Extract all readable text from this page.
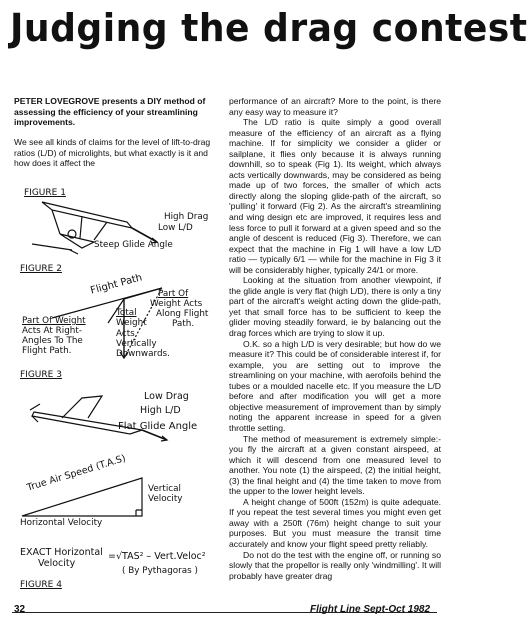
Judging the drag contest
PETER LOVEGROVE presents a DIY method of assessing the efficiency of your streamlining improvements.
We see all kinds of claims for the level of lift-to-drag ratios (L/D) of microlights, but what exactly is it and how does it affect the

performance of an aircraft? More to the point, is there any easy way to measure it?

The L/D ratio is quite simply a good overall measure of the efficiency of an aircraft as a flying machine. If for simplicity we consider a glider or sailplane, it flies only because it is always running downhill, so to speak (Fig 1). Its weight, which always acts vertically downwards, may be considered as being made up of two forces, the smaller of which acts directly along the sloping glide-path of the aircraft, so 'pulling' it forward (Fig 2). As the aircraft's streamlining and wing design etc are improved, it requires less and less force to pull it forward at a given speed and so the angle of descent is reduced (Fig 3). Therefore, we can expect that the machine in Fig 1 will have a low L/D ratio — typically 6/1 — while for the machine in Fig 3 it will be considerably higher, typically 24/1 or more.

Looking at the situation from another viewpoint, if the glide angle is very flat (high L/D), there is only a tiny part of the aircraft's weight acting down the glide-path, yet that small force has to be sufficient to keep the glider moving steadily forward, ie by balancing out the drag forces which are trying to slow it up.

O.K. so a high L/D is very desirable; but how do we measure it? This could be of considerable interest if, for example, you are setting out to improve the streamlining on your machine, with aerofoils behind the tubes or a moulded nacelle etc. If you measure the L/D before and after modification you will get a more objective measurement of improvement than by simply noting the apparent increase in speed for a given throttle setting.

The method of measurement is extremely simple:- you fly the aircraft at a given constant airspeed, at which it will descend from one measured level to another. You note (1) the airspeed, (2) the initial height, (3) the final height and (4) the time taken to move from the upper to the lower height levels.

A height change of 500ft (152m) is quite adequate. If you repeat the test several times you might even get away with a 250ft (76m) height change to suit your purposes. But you must measure the transit time accurately and know your flight speed pretty reliably.

Do not do the test with the engine off, or running so slowly that the propellor is really only 'windmilling'. It will probably have greater drag

FIGURE 1
High Drag
Low L/D
Steep Glide Angle
FIGURE 2
Flight Path Part Of
Weight Acts
Along Flight
Path.
Total
Weight
Acts
Vertically
Downwards.
Part Of Weight
Acts At Right-
Angles To The
Flight Path.
FIGURE 3
Low Drag
High L/D
Flat Glide Angle
True Air Speed (T.A.S) Vertical
Velocity
Horizontal Velocity
EXACT Horizontal
Velocity
=√TAS² – Vert.Veloc²
( By Pythagoras )
FIGURE 4
32	Flight Line Sept-Oct 1982
